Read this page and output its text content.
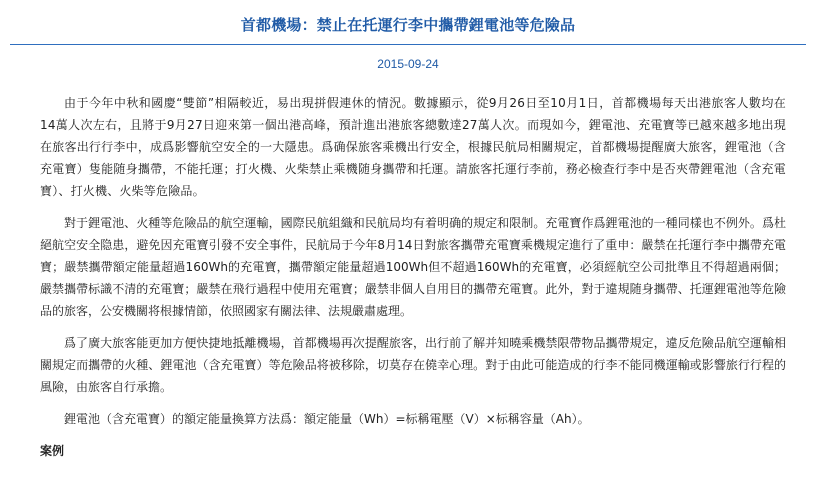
首都機場：禁止在托運行李中攜帶鋰電池等危險品
2015-09-24

由于今年中秋和國慶“雙節”相隔較近，易出現拼假連休的情況。數據顯示，從9月26日至10月1日，首都機場每天出港旅客人數均在14萬人次左右，且將于9月27日迎來第一個出港高峰，預計進出港旅客總數達27萬人次。而現如今，鋰電池、充電寶等已越來越多地出現在旅客出行行李中，成爲影響航空安全的一大隱患。爲确保旅客乘機出行安全，根據民航局相關規定，首都機場提醒廣大旅客，鋰電池（含充電寶）隻能随身攜帶，不能托運；打火機、火柴禁止乘機随身攜帶和托運。請旅客托運行李前，務必檢查行李中是否夾帶鋰電池（含充電寶）、打火機、火柴等危險品。

對于鋰電池、火種等危險品的航空運輸，國際民航組織和民航局均有着明确的規定和限制。充電寶作爲鋰電池的一種同樣也不例外。爲杜絕航空安全隐患，避免因充電寶引發不安全事件，民航局于今年8月14日對旅客攜帶充電寶乘機規定進行了重申：嚴禁在托運行李中攜帶充電寶；嚴禁攜帶額定能量超過160Wh的充電寶，攜帶額定能量超過100Wh但不超過160Wh的充電寶，必須經航空公司批準且不得超過兩個；嚴禁攜帶标識不清的充電寶；嚴禁在飛行過程中使用充電寶；嚴禁非個人自用目的攜帶充電寶。此外，對于違規随身攜帶、托運鋰電池等危險品的旅客，公安機關将根據情節，依照國家有關法律、法規嚴肅處理。

爲了廣大旅客能更加方便快捷地抵離機場，首都機場再次提醒旅客，出行前了解并知曉乘機禁限帶物品攜帶規定，違反危險品航空運輸相關規定而攜帶的火種、鋰電池（含充電寶）等危險品将被移除，切莫存在僥幸心理。對于由此可能造成的行李不能同機運輸或影響旅行行程的風險，由旅客自行承擔。

鋰電池（含充電寶）的額定能量換算方法爲：額定能量（Wh）=标稱電壓（V）×标稱容量（Ah）。

案例
